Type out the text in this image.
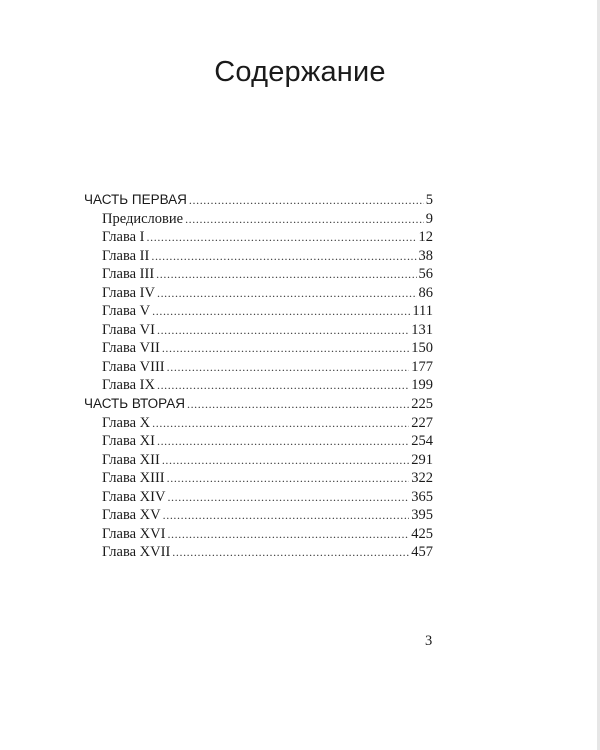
Содержание
ЧАСТЬ ПЕРВАЯ .....	5
Предисловие .....	9
Глава I .....	12
Глава II .....	38
Глава III .....	56
Глава IV .....	86
Глава V .....	111
Глава VI .....	131
Глава VII .....	150
Глава VIII .....	177
Глава IX .....	199
ЧАСТЬ ВТОРАЯ .....	225
Глава X .....	227
Глава XI .....	254
Глава XII .....	291
Глава XIII .....	322
Глава XIV .....	365
Глава XV .....	395
Глава XVI .....	425
Глава XVII .....	457
3
